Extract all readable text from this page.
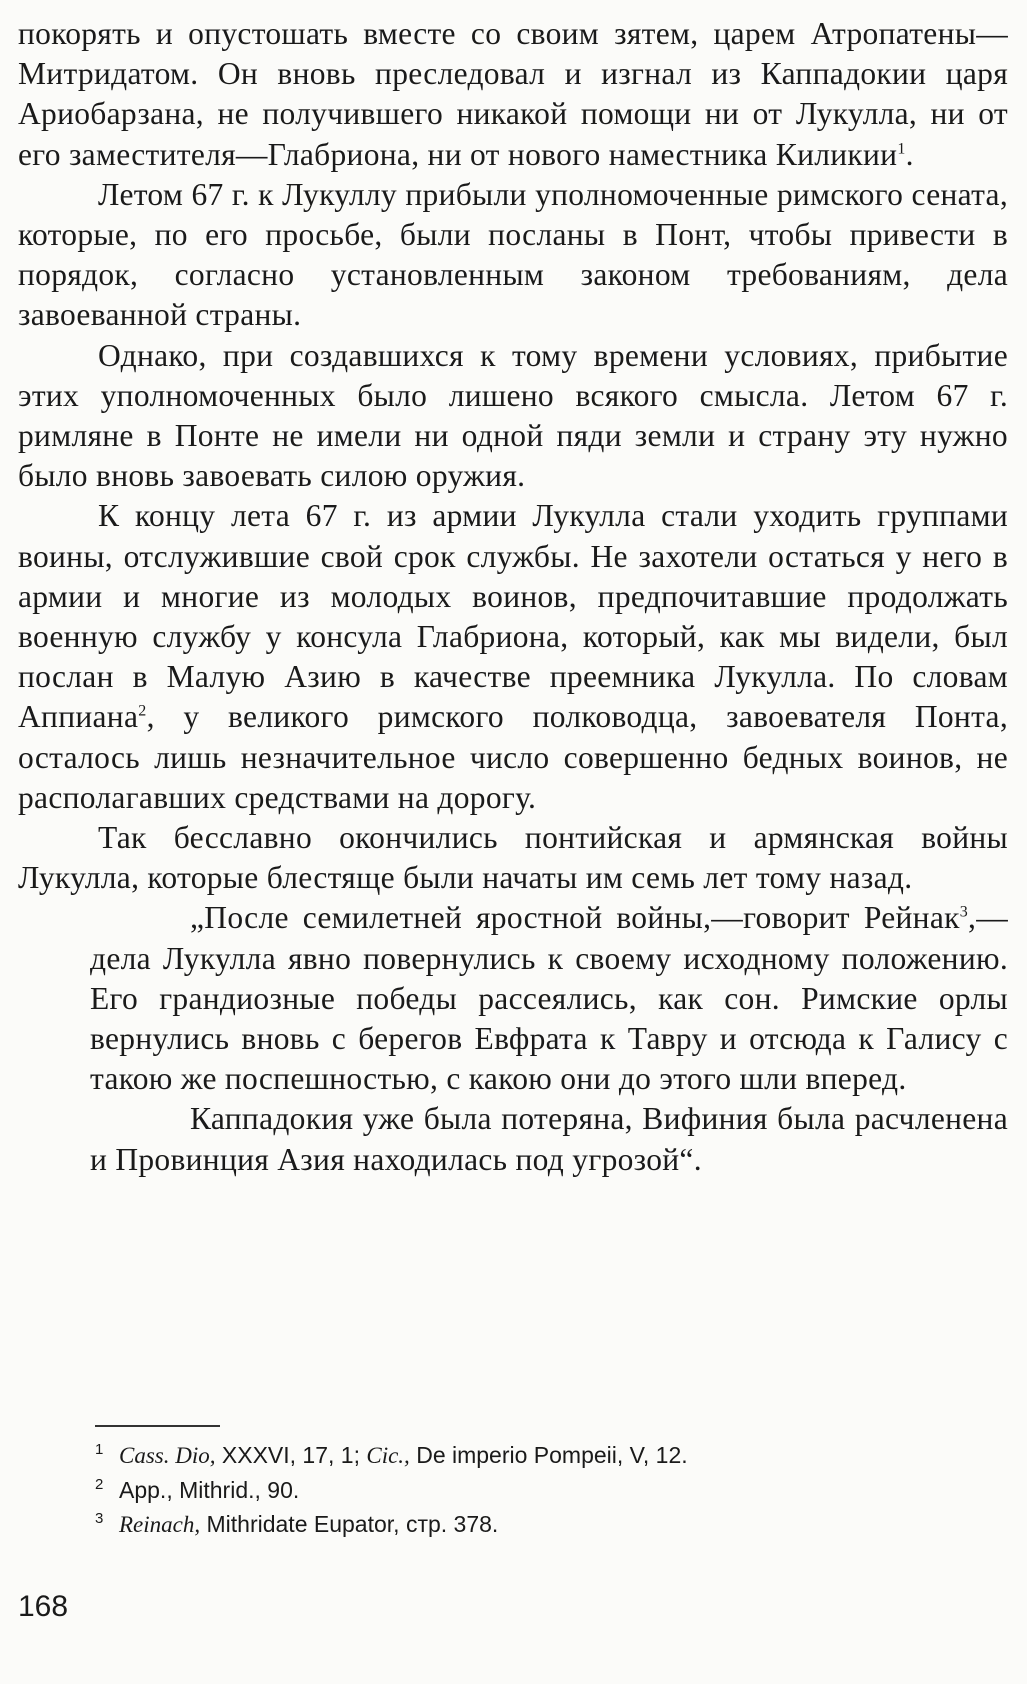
покорять и опустошать вместе со своим зятем, царем Атропатены—Митридатом. Он вновь преследовал и изгнал из Каппадокии царя Ариобарзана, не получившего никакой помощи ни от Лукулла, ни от его заместителя—Глабриона, ни от нового наместника Киликии$^1$.

Летом 67 г. к Лукуллу прибыли уполномоченные римского сената, которые, по его просьбе, были посланы в Понт, чтобы привести в порядок, согласно установленным законом требованиям, дела завоеванной страны.

Однако, при создавшихся к тому времени условиях, прибытие этих уполномоченных было лишено всякого смысла. Летом 67 г. римляне в Понте не имели ни одной пяди земли и страну эту нужно было вновь завоевать силою оружия.

К концу лета 67 г. из армии Лукулла стали уходить группами воины, отслужившие свой срок службы. Не захотели остаться у него в армии и многие из молодых воинов, предпочитавшие продолжать военную службу у консула Глабриона, который, как мы видели, был послан в Малую Азию в качестве преемника Лукулла. По словам Аппиана$^2$, у великого римского полководца, завоевателя Понта, осталось лишь незначительное число совершенно бедных воинов, не располагавших средствами на дорогу.

Так бесславно окончились понтийская и армянская войны Лукулла, которые блестяще были начаты им семь лет тому назад.

„После семилетней яростной войны,—говорит Рейнак$^3$,—дела Лукулла явно повернулись к своему исходному положению. Его грандиозные победы рассеялись, как сон. Римские орлы вернулись вновь с берегов Евфрата к Тавру и отсюда к Галису с такою же поспешностью, с какою они до этого шли вперед.

Каппадокия уже была потеряна, Вифиния была расчленена и Провинция Азия находилась под угрозой“.

1 Cass. Dio, XXXVI, 17, 1; Cic., De imperio Pompeii, V, 12.

2 App., Mithrid., 90.

3 Reinach, Mithridate Eupator, стр. 378.

168
